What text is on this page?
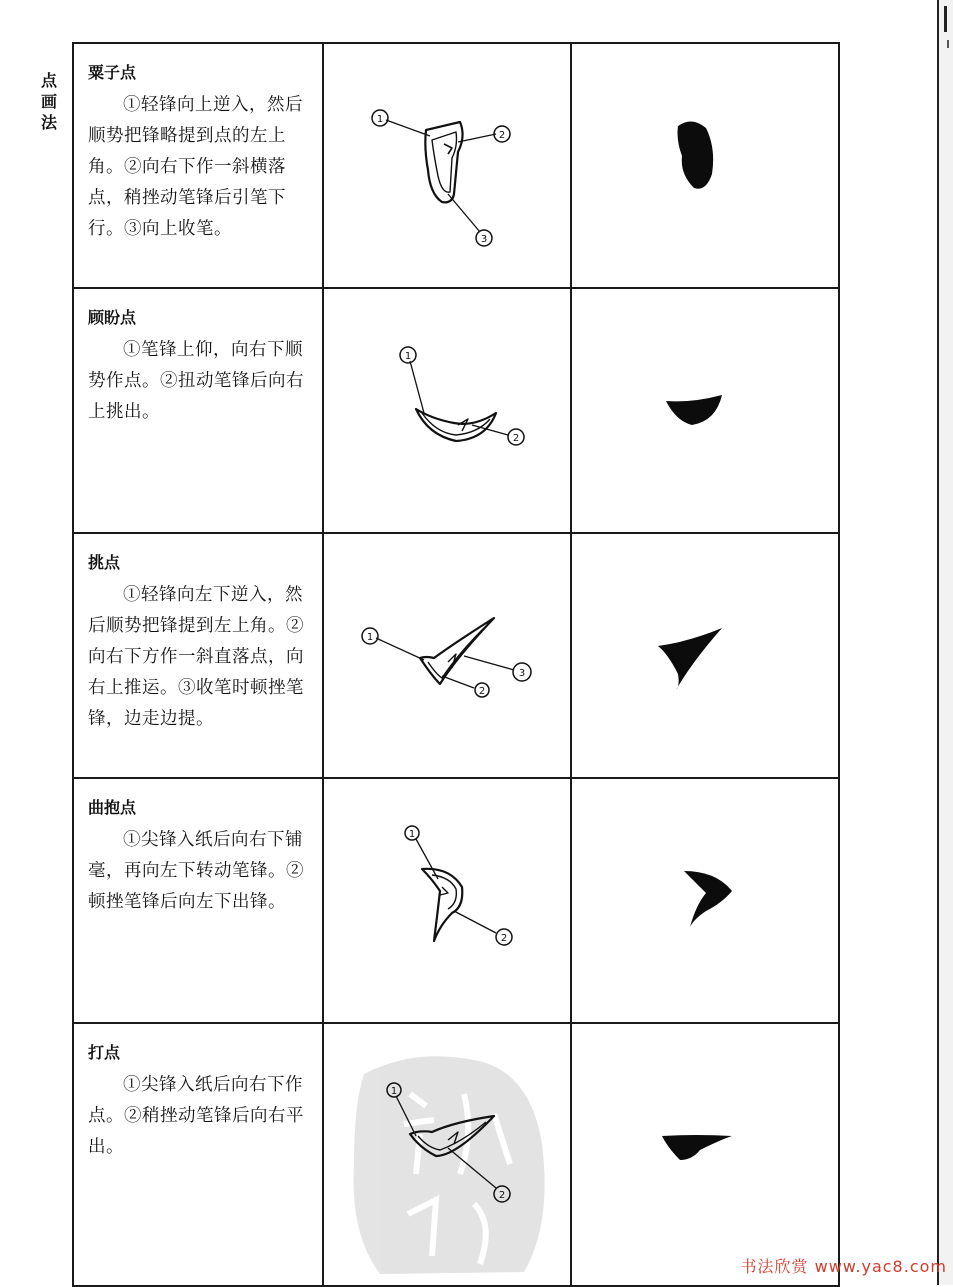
点
画
法
粟子点

①轻锋向上逆入，然后顺势把锋略提到点的左上角。②向右下作一斜横落点，稍挫动笔锋后引笔下行。③向上收笔。

1
2
3
顾盼点

①笔锋上仰，向右下顺势作点。②扭动笔锋后向右上挑出。

1
2
挑点

①轻锋向左下逆入，然后顺势把锋提到左上角。②向右下方作一斜直落点，向右上推运。③收笔时顿挫笔锋，边走边提。

1
2
3
曲抱点

①尖锋入纸后向右下铺毫，再向左下转动笔锋。②顿挫笔锋后向左下出锋。

1
2
打点

①尖锋入纸后向右下作点。②稍挫动笔锋后向右平出。

1
2
书法欣赏 www.yac8.com
